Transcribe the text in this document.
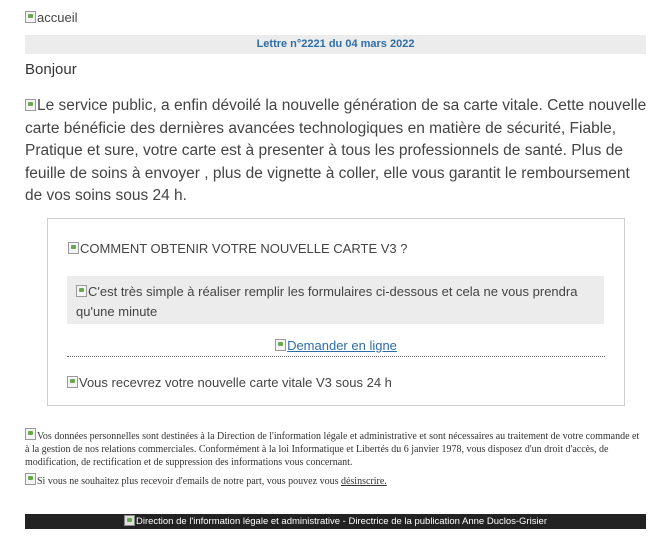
accueil
Lettre n°2221 du 04 mars 2022
Bonjour
Le service public, a enfin dévoilé la nouvelle génération de sa carte vitale. Cette nouvelle carte bénéficie des dernières avancées technologiques en matière de sécurité, Fiable, Pratique et sure, votre carte est à presenter à tous les professionnels de santé. Plus de feuille de soins à envoyer , plus de vignette à coller, elle vous garantit le remboursement de vos soins sous 24 h.
COMMENT OBTENIR VOTRE NOUVELLE CARTE V3 ?
C'est très simple à réaliser remplir les formulaires ci-dessous et cela ne vous prendra qu'une minute
Demander en ligne
Vous recevrez votre nouvelle carte vitale V3 sous 24 h

Vos données personnelles sont destinées à la Direction de l'information légale et administrative et sont nécessaires au traitement de votre commande et à la gestion de nos relations commerciales. Conformément à la loi Informatique et Libertés du 6 janvier 1978, vous disposez d'un droit d'accès, de modification, de rectification et de suppression des informations vous concernant.

Si vous ne souhaitez plus recevoir d'emails de notre part, vous pouvez vous désinscrire.

Direction de l'information légale et administrative - Directrice de la publication Anne Duclos-Grisier
